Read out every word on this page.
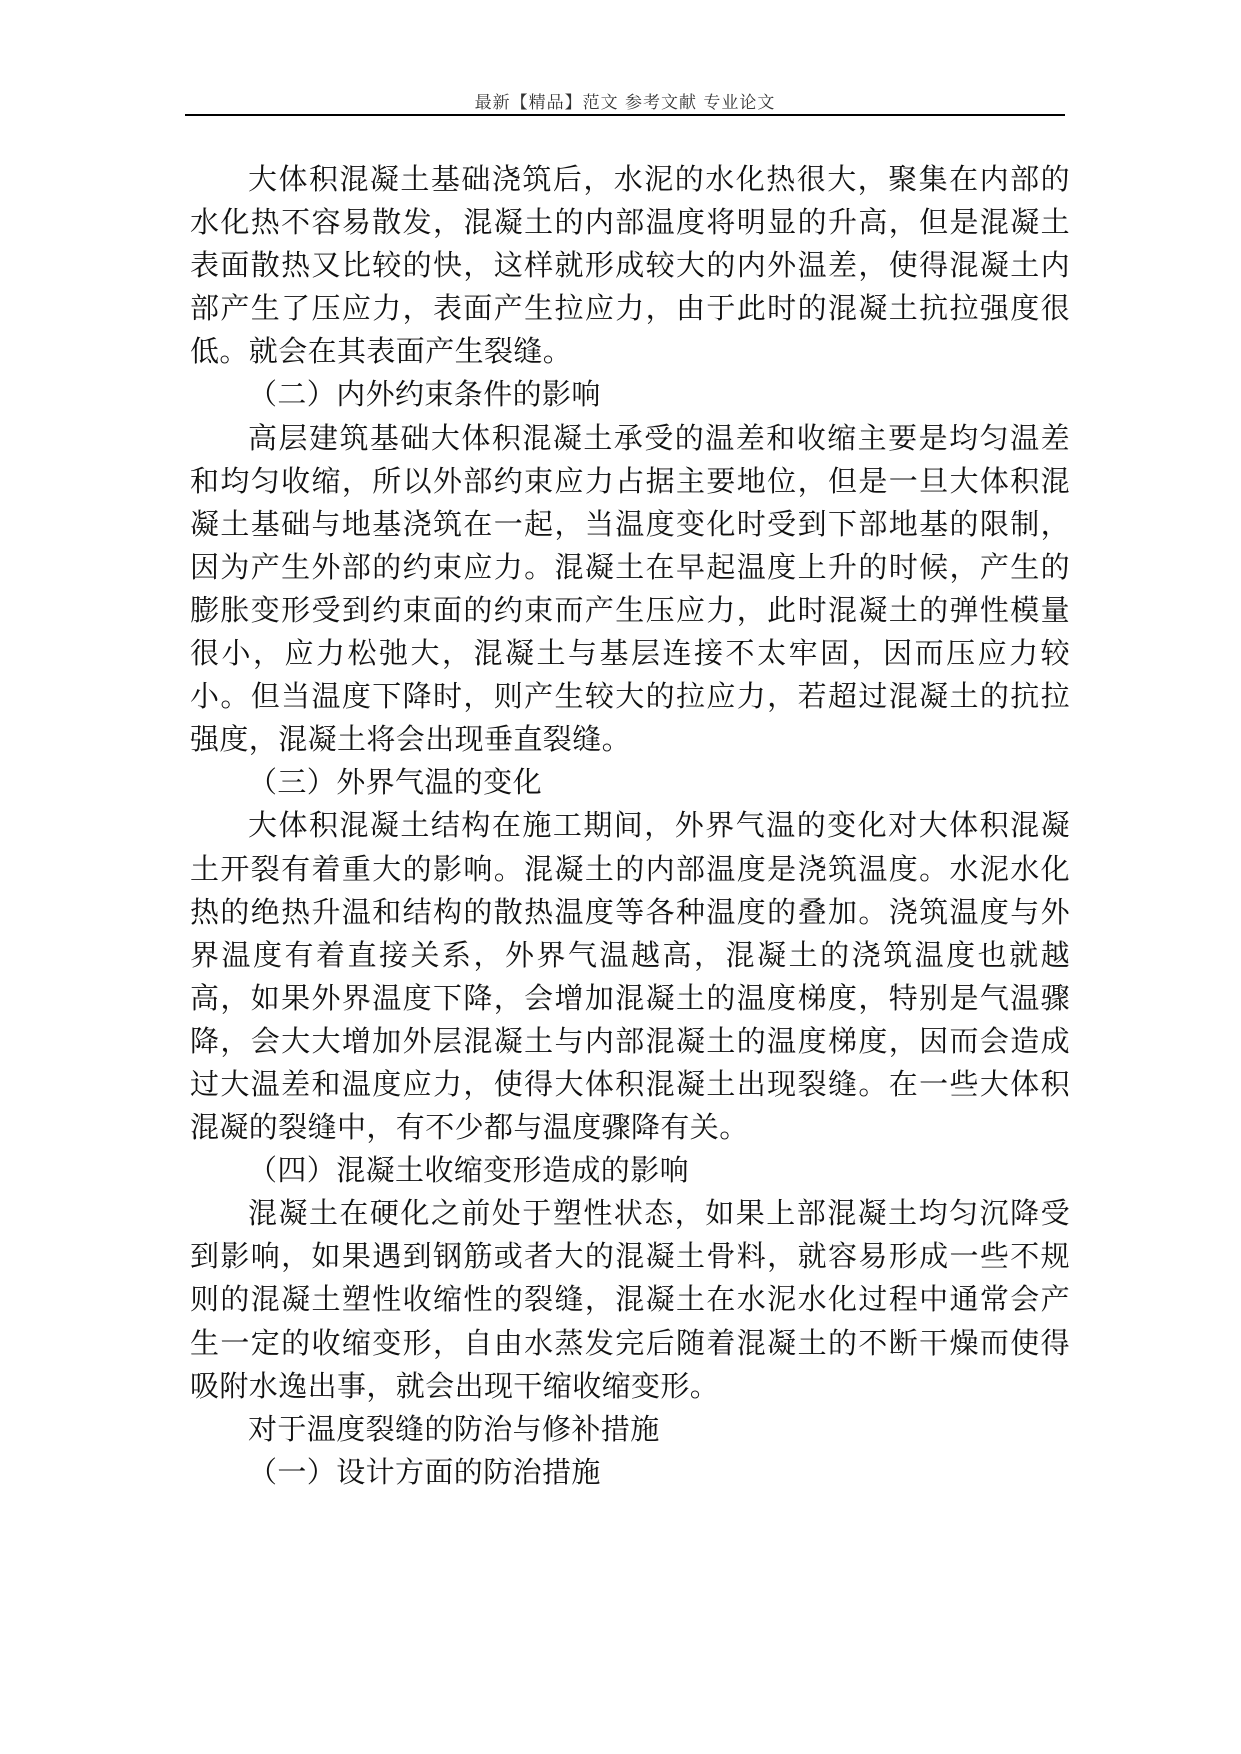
最新【精品】范文 参考文献 专业论文

大体积混凝土基础浇筑后，水泥的水化热很大，聚集在内部的水化热不容易散发，混凝土的内部温度将明显的升高，但是混凝土表面散热又比较的快，这样就形成较大的内外温差，使得混凝土内部产生了压应力，表面产生拉应力，由于此时的混凝土抗拉强度很低。就会在其表面产生裂缝。

（二）内外约束条件的影响

高层建筑基础大体积混凝土承受的温差和收缩主要是均匀温差和均匀收缩，所以外部约束应力占据主要地位，但是一旦大体积混凝土基础与地基浇筑在一起，当温度变化时受到下部地基的限制，因为产生外部的约束应力。混凝土在早起温度上升的时候，产生的膨胀变形受到约束面的约束而产生压应力，此时混凝土的弹性模量很小，应力松弛大，混凝土与基层连接不太牢固，因而压应力较小。但当温度下降时，则产生较大的拉应力，若超过混凝土的抗拉强度，混凝土将会出现垂直裂缝。

（三）外界气温的变化

大体积混凝土结构在施工期间，外界气温的变化对大体积混凝土开裂有着重大的影响。混凝土的内部温度是浇筑温度。水泥水化热的绝热升温和结构的散热温度等各种温度的叠加。浇筑温度与外界温度有着直接关系，外界气温越高，混凝土的浇筑温度也就越高，如果外界温度下降，会增加混凝土的温度梯度，特别是气温骤降，会大大增加外层混凝土与内部混凝土的温度梯度，因而会造成过大温差和温度应力，使得大体积混凝土出现裂缝。在一些大体积混凝的裂缝中，有不少都与温度骤降有关。

（四）混凝土收缩变形造成的影响

混凝土在硬化之前处于塑性状态，如果上部混凝土均匀沉降受到影响，如果遇到钢筋或者大的混凝土骨料，就容易形成一些不规则的混凝土塑性收缩性的裂缝，混凝土在水泥水化过程中通常会产生一定的收缩变形，自由水蒸发完后随着混凝土的不断干燥而使得吸附水逸出事，就会出现干缩收缩变形。

对于温度裂缝的防治与修补措施

（一）设计方面的防治措施
